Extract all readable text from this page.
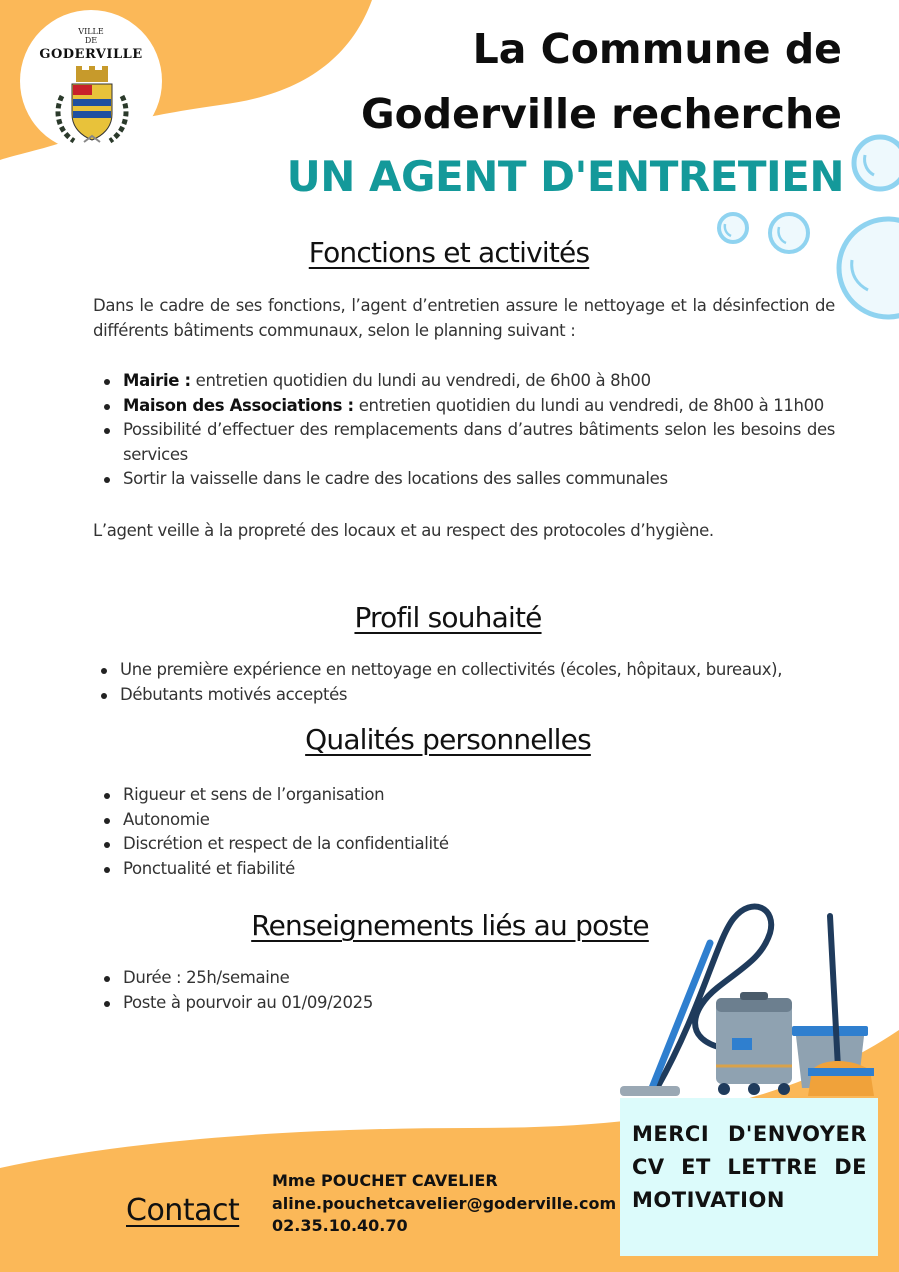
VILLE
DE
GODERVILLE	La Commune de
Goderville recherche
UN AGENT D'ENTRETIEN
Fonctions et activités
Dans le cadre de ses fonctions, l’agent d’entretien assure le nettoyage et la désinfection de différents bâtiments communaux, selon le planning suivant :
Mairie : entretien quotidien du lundi au vendredi, de 6h00 à 8h00
Maison des Associations : entretien quotidien du lundi au vendredi, de 8h00 à 11h00
Possibilité d’effectuer des remplacements dans d’autres bâtiments selon les besoins des services
Sortir la vaisselle dans le cadre des locations des salles communales
L’agent veille à la propreté des locaux et au respect des protocoles d’hygiène.
Profil souhaité
Une première expérience en nettoyage en collectivités (écoles, hôpitaux, bureaux),
Débutants motivés acceptés
Qualités personnelles
Rigueur et sens de l’organisation
Autonomie
Discrétion et respect de la confidentialité
Ponctualité et fiabilité
Renseignements liés au poste
Durée : 25h/semaine
Poste à pourvoir au 01/09/2025
Contact
Mme POUCHET CAVELIER
aline.pouchetcavelier@goderville.com
02.35.10.40.70
MERCI D'ENVOYER
CV ET LETTRE DE
MOTIVATION
